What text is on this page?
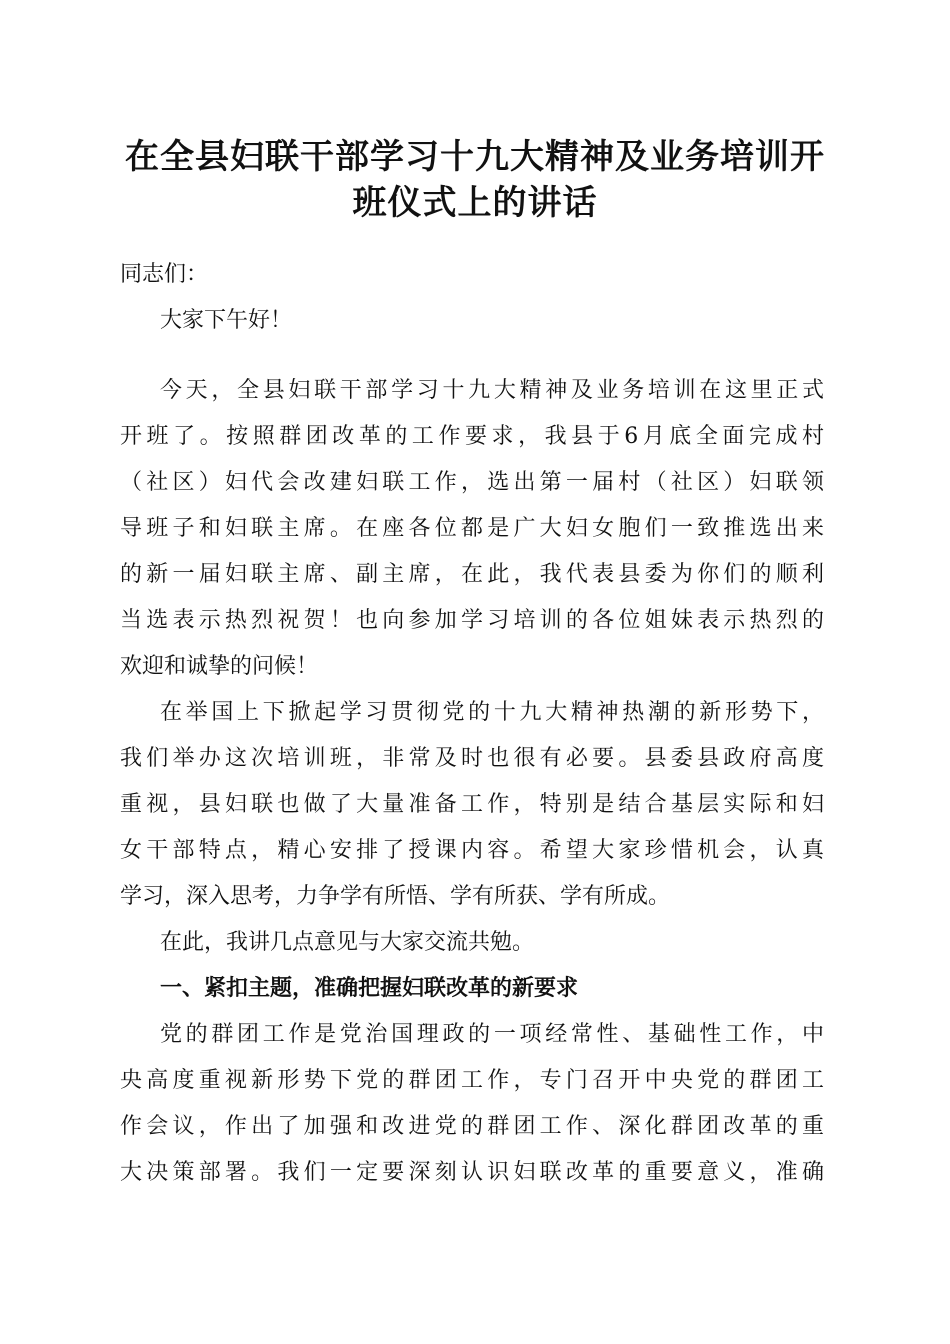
在全县妇联干部学习十九大精神及业务培训开
班仪式上的讲话
同志们：
大家下午好！
今天，全县妇联干部学习十九大精神及业务培训在这里正式
开班了。按照群团改革的工作要求，我县于6月底全面完成村
（社区）妇代会改建妇联工作，选出第一届村（社区）妇联领
导班子和妇联主席。在座各位都是广大妇女胞们一致推选出来
的新一届妇联主席、副主席，在此，我代表县委为你们的顺利
当选表示热烈祝贺！也向参加学习培训的各位姐妹表示热烈的
欢迎和诚挚的问候！
在举国上下掀起学习贯彻党的十九大精神热潮的新形势下，
我们举办这次培训班，非常及时也很有必要。县委县政府高度
重视，县妇联也做了大量准备工作，特别是结合基层实际和妇
女干部特点，精心安排了授课内容。希望大家珍惜机会，认真
学习，深入思考，力争学有所悟、学有所获、学有所成。
在此，我讲几点意见与大家交流共勉。
一、紧扣主题，准确把握妇联改革的新要求
党的群团工作是党治国理政的一项经常性、基础性工作，中
央高度重视新形势下党的群团工作，专门召开中央党的群团工
作会议，作出了加强和改进党的群团工作、深化群团改革的重
大决策部署。我们一定要深刻认识妇联改革的重要意义，准确
